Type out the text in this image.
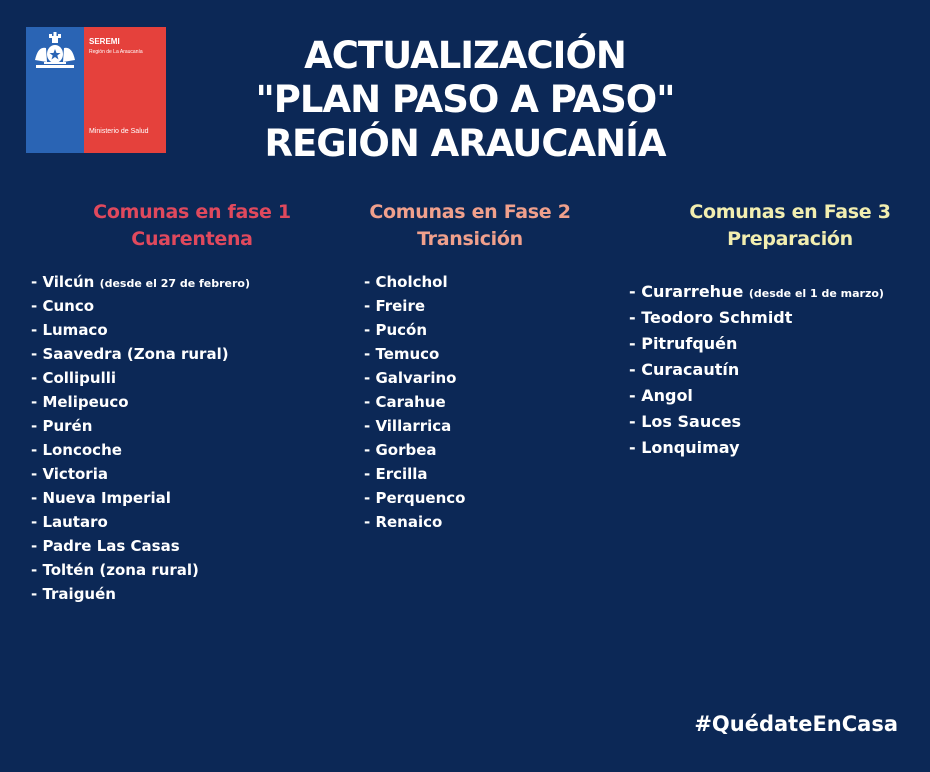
SEREMI
Región de La Araucanía
Ministerio de Salud
ACTUALIZACIÓN
"PLAN PASO A PASO"
REGIÓN ARAUCANÍA
Comunas en fase 1
Cuarentena
Comunas en Fase 2
Transición
Comunas en Fase 3
Preparación
- Vilcún (desde el 27 de febrero)
- Cunco
- Lumaco
- Saavedra (Zona rural)
- Collipulli
- Melipeuco
- Purén
- Loncoche
- Victoria
- Nueva Imperial
- Lautaro
- Padre Las Casas
- Toltén (zona rural)
- Traiguén
- Cholchol
- Freire
- Pucón
- Temuco
- Galvarino
- Carahue
- Villarrica
- Gorbea
- Ercilla
- Perquenco
- Renaico
- Curarrehue (desde el 1 de marzo)
- Teodoro Schmidt
- Pitrufquén
- Curacautín
- Angol
- Los Sauces
- Lonquimay
#QuédateEnCasa
